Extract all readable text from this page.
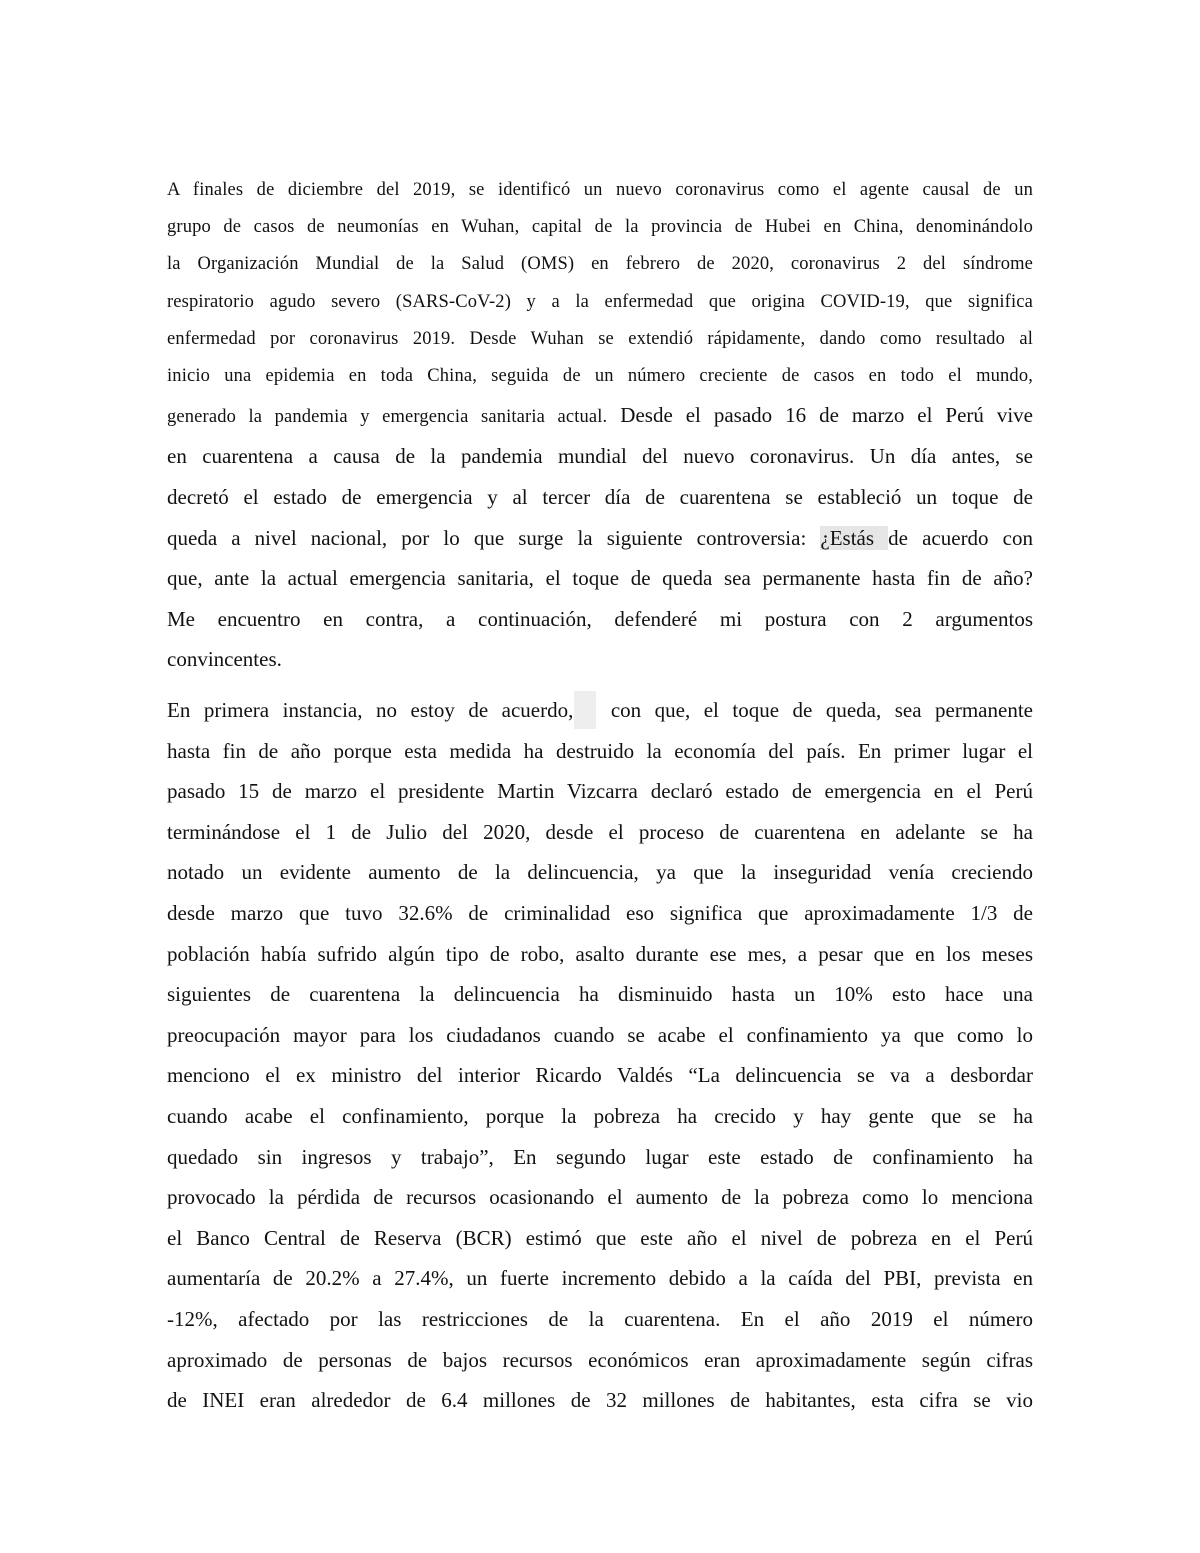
A finales de diciembre del 2019, se identificó un nuevo coronavirus como el agente causal de un
grupo de casos de neumonías en Wuhan, capital de la provincia de Hubei en China, denominándolo
la Organización Mundial de la Salud (OMS) en febrero de 2020, coronavirus 2 del síndrome
respiratorio agudo severo (SARS-CoV-2) y a la enfermedad que origina COVID-19, que significa
enfermedad por coronavirus 2019. Desde Wuhan se extendió rápidamente, dando como resultado al
inicio una epidemia en toda China, seguida de un número creciente de casos en todo el mundo,
generado la pandemia y emergencia sanitaria actual. Desde el pasado 16 de marzo el Perú vive
en cuarentena a causa de la pandemia mundial del nuevo coronavirus. Un día antes, se
decretó el estado de emergencia y al tercer día de cuarentena se estableció un toque de
queda a nivel nacional, por lo que surge la siguiente controversia: ¿Estás de acuerdo con
que, ante la actual emergencia sanitaria, el toque de queda sea permanente hasta fin de año?
Me encuentro en contra, a continuación, defenderé mi postura con 2 argumentos
convincentes.
En primera instancia, no estoy de acuerdo, con que, el toque de queda, sea permanente
hasta fin de año porque esta medida ha destruido la economía del país. En primer lugar el
pasado 15 de marzo el presidente Martin Vizcarra declaró estado de emergencia en el Perú
terminándose el 1 de Julio del 2020, desde el proceso de cuarentena en adelante se ha
notado un evidente aumento de la delincuencia, ya que la inseguridad venía creciendo
desde marzo que tuvo 32.6% de criminalidad eso significa que aproximadamente 1/3 de
población había sufrido algún tipo de robo, asalto durante ese mes, a pesar que en los meses
siguientes de cuarentena la delincuencia ha disminuido hasta un 10% esto hace una
preocupación mayor para los ciudadanos cuando se acabe el confinamiento ya que como lo
menciono el ex ministro del interior Ricardo Valdés “La delincuencia se va a desbordar
cuando acabe el confinamiento, porque la pobreza ha crecido y hay gente que se ha
quedado sin ingresos y trabajo”, En segundo lugar este estado de confinamiento ha
provocado la pérdida de recursos ocasionando el aumento de la pobreza como lo menciona
el Banco Central de Reserva (BCR) estimó que este año el nivel de pobreza en el Perú
aumentaría de 20.2% a 27.4%, un fuerte incremento debido a la caída del PBI, prevista en
-12%, afectado por las restricciones de la cuarentena. En el año 2019 el número
aproximado de personas de bajos recursos económicos eran aproximadamente según cifras
de INEI eran alrededor de 6.4 millones de 32 millones de habitantes, esta cifra se vio
